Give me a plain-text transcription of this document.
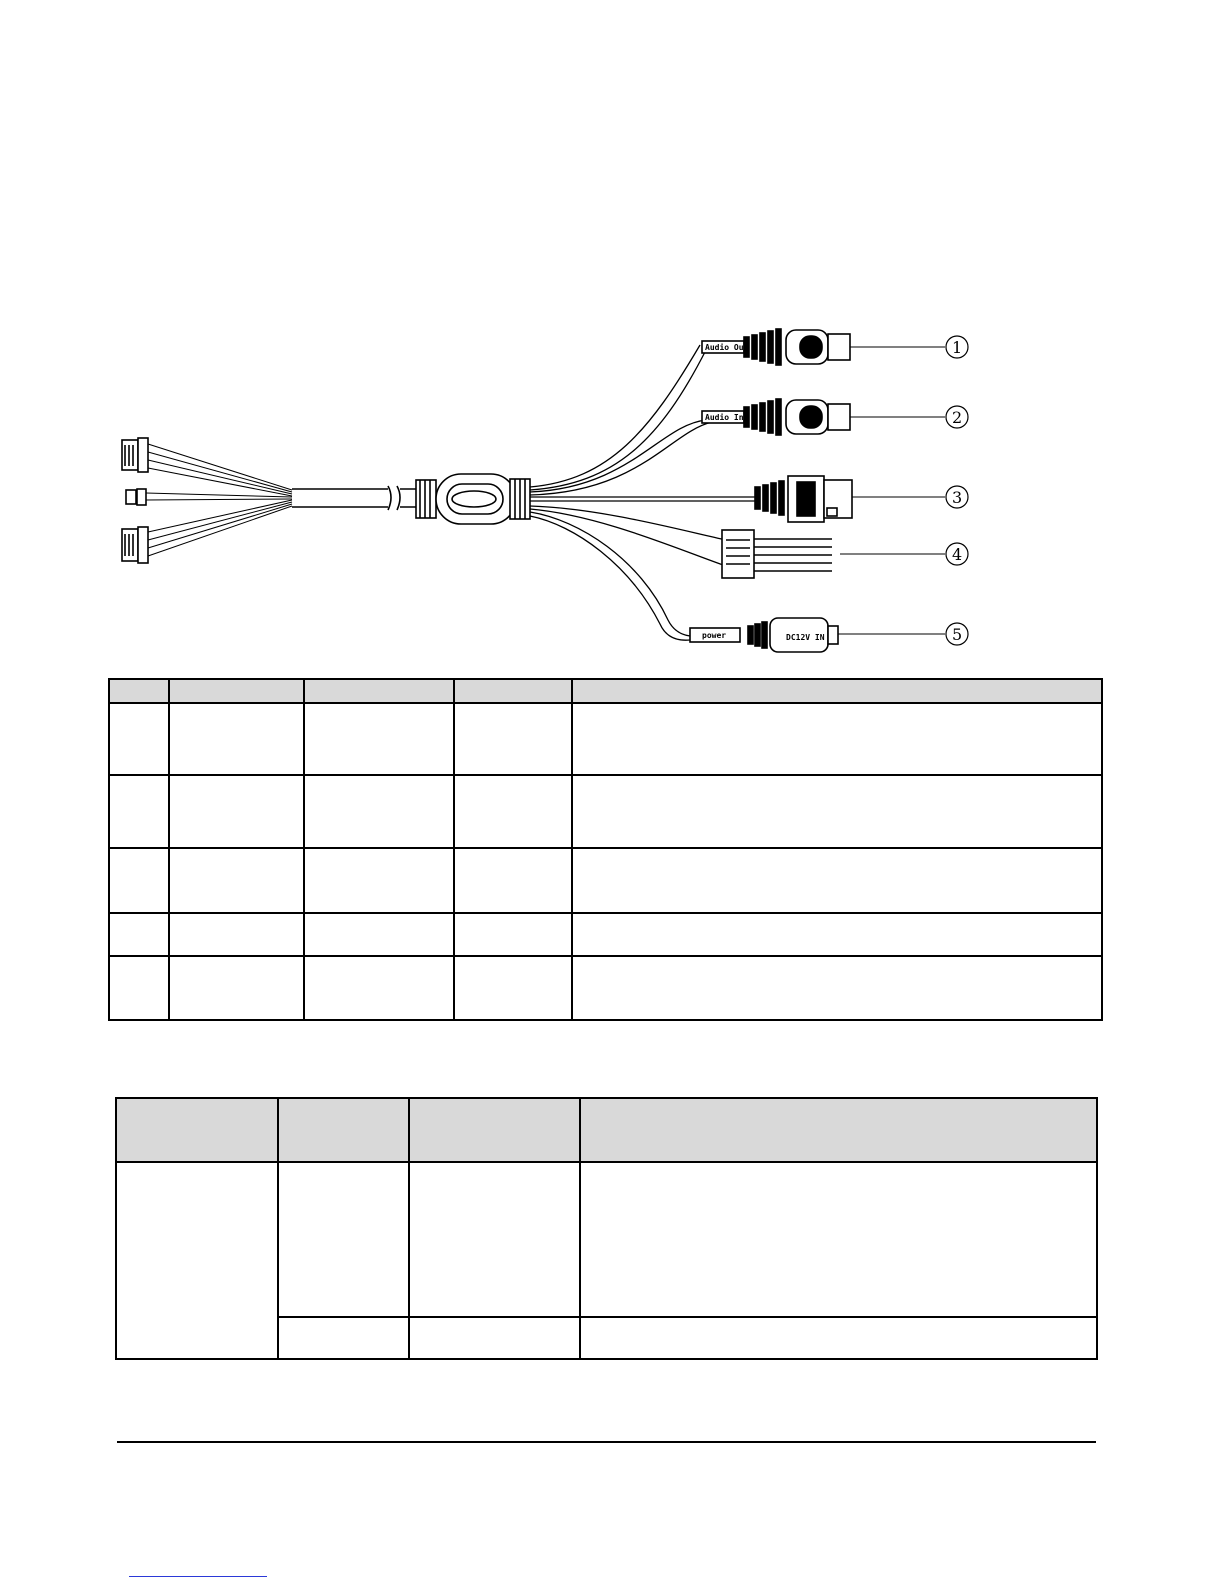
Audio Out
Audio In
power	DC12V IN
1
2
3
4
5
